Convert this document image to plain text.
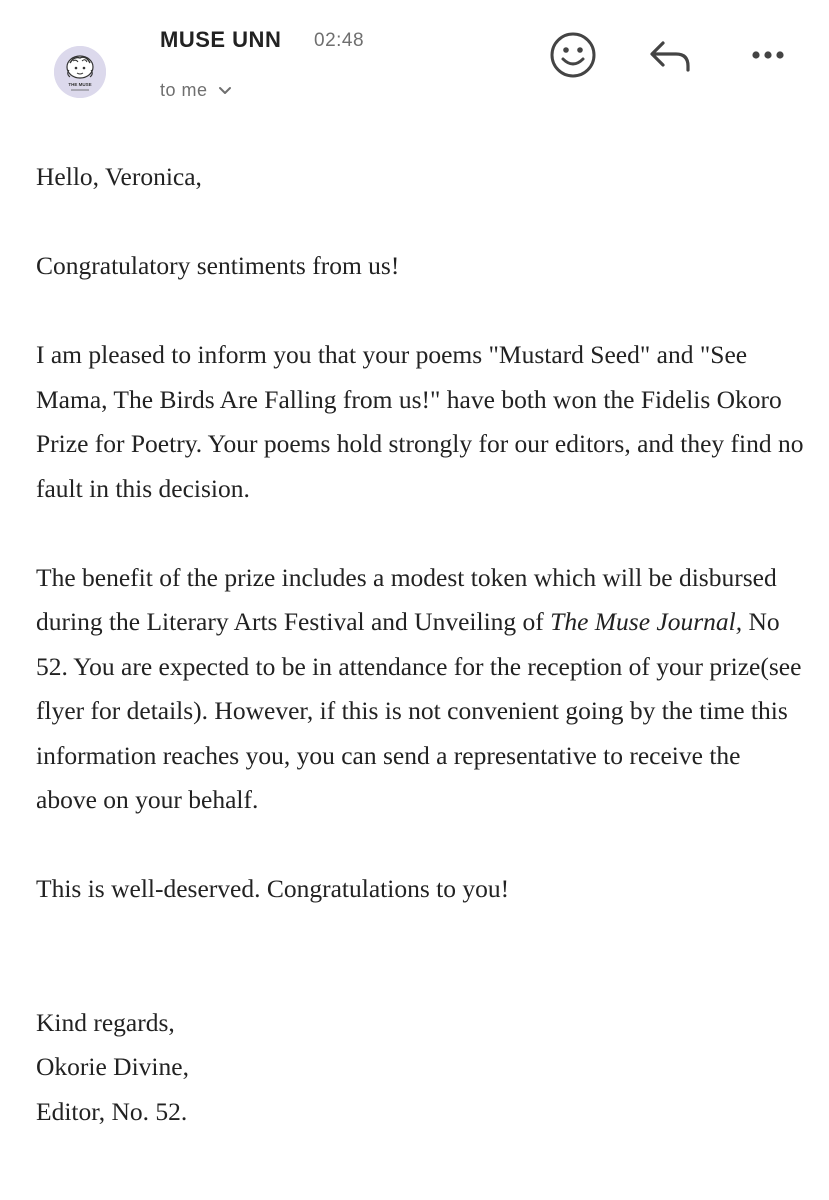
THE MUSE
MUSE UNN 02:48
to me

Hello, Veronica,

Congratulatory sentiments from us!

I am pleased to inform you that your poems "Mustard Seed" and "See Mama, The Birds Are Falling from us!" have both won the Fidelis Okoro Prize for Poetry. Your poems hold strongly for our editors, and they find no fault in this decision.

The benefit of the prize includes a modest token which will be disbursed during the Literary Arts Festival and Unveiling of The Muse Journal, No 52. You are expected to be in attendance for the reception of your prize(see flyer for details). However, if this is not convenient going by the time this information reaches you, you can send a representative to receive the above on your behalf.

This is well-deserved. Congratulations to you!

Kind regards,

Okorie Divine,

Editor, No. 52.
